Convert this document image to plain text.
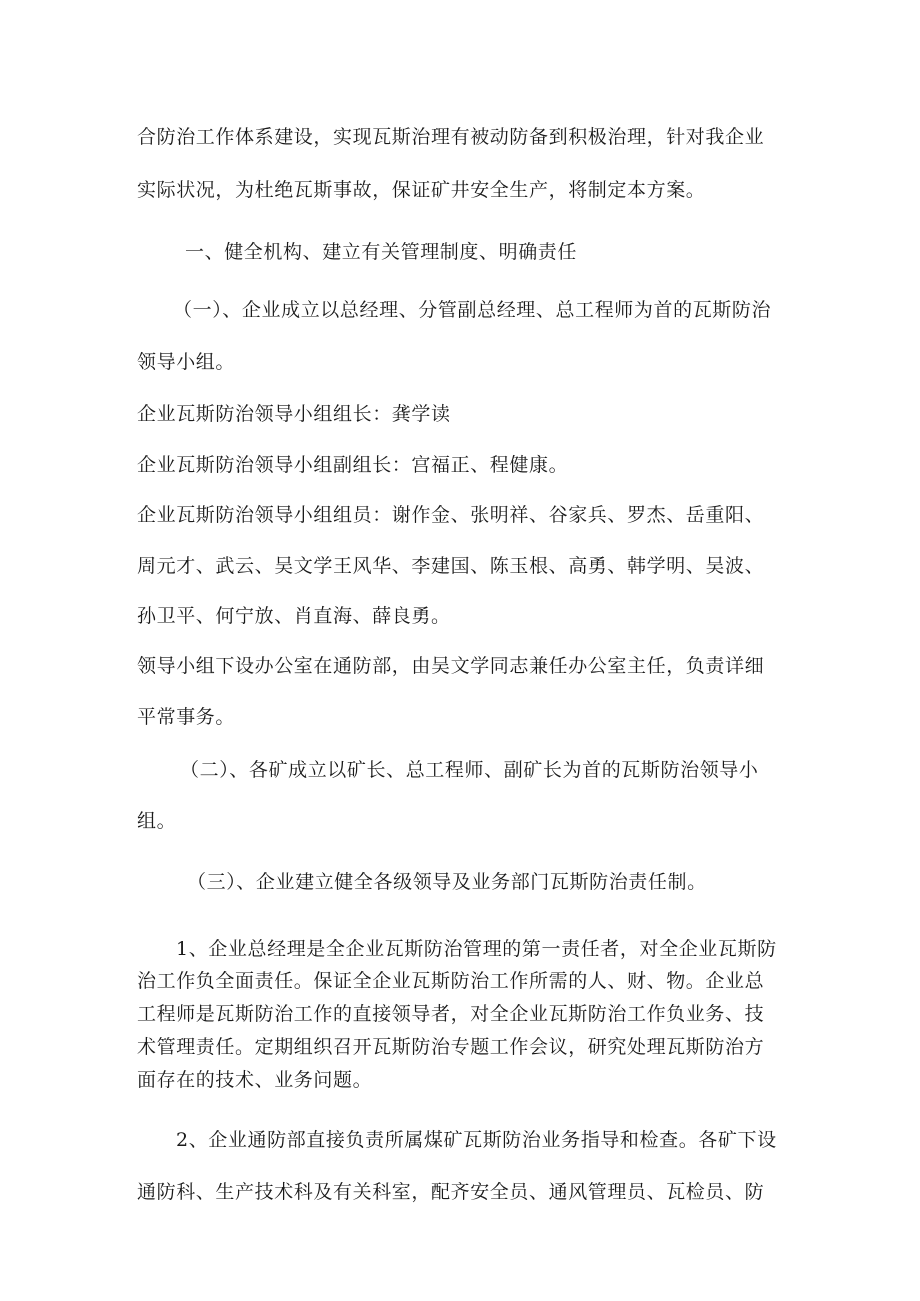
合防治工作体系建设，实现瓦斯治理有被动防备到积极治理，针对我企业
实际状况，为杜绝瓦斯事故，保证矿井安全生产，将制定本方案。
一、健全机构、建立有关管理制度、明确责任
（一）、企业成立以总经理、分管副总经理、总工程师为首的瓦斯防治
领导小组。
企业瓦斯防治领导小组组长：龚学读
企业瓦斯防治领导小组副组长：宫福正、程健康。
企业瓦斯防治领导小组组员：谢作金、张明祥、谷家兵、罗杰、岳重阳、
周元才、武云、吴文学王风华、李建国、陈玉根、高勇、韩学明、吴波、
孙卫平、何宁放、肖直海、薛良勇。
领导小组下设办公室在通防部，由吴文学同志兼任办公室主任，负责详细
平常事务。
（二）、各矿成立以矿长、总工程师、副矿长为首的瓦斯防治领导小
组。
（三）、企业建立健全各级领导及业务部门瓦斯防治责任制。
1、企业总经理是全企业瓦斯防治管理的第一责任者，对全企业瓦斯防
治工作负全面责任。保证全企业瓦斯防治工作所需的人、财、物。企业总
工程师是瓦斯防治工作的直接领导者，对全企业瓦斯防治工作负业务、技
术管理责任。定期组织召开瓦斯防治专题工作会议，研究处理瓦斯防治方
面存在的技术、业务问题。
2、企业通防部直接负责所属煤矿瓦斯防治业务指导和检查。各矿下设
通防科、生产技术科及有关科室，配齐安全员、通风管理员、瓦检员、防
